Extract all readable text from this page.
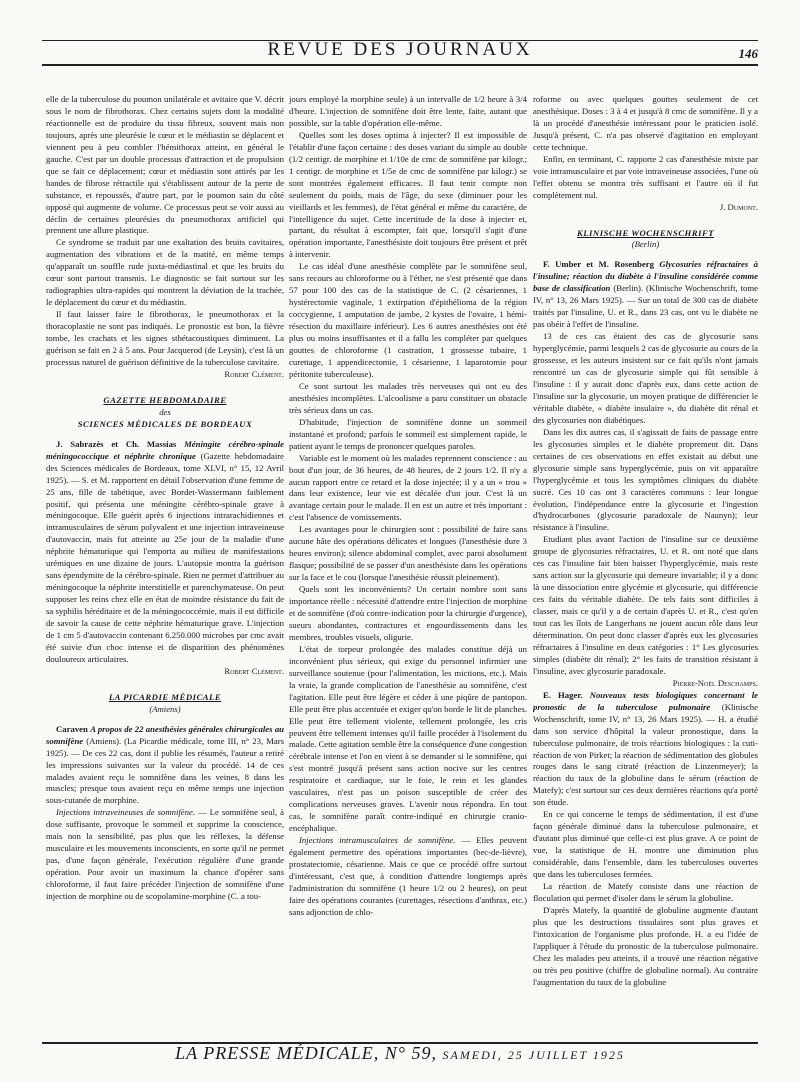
REVUE DES JOURNAUX	146

elle de la tuberculose du poumon unilatérale et avitaire que V. décrit sous le nom de fibrothorax. Chez certains sujets dont la modalité réactionnelle est de produire du tissu fibreux, souvent mais non toujours, après une pleurésie le cœur et le médiastin se déplacent et viennent peu à peu combler l'hémithorax atteint, en général le gauche. C'est par un double processus d'attraction et de propulsion que se fait ce déplacement; cœur et médiastin sont attirés par les bandes de fibrose rétractile qui s'établissent autour de la perte de substance, et repoussés, d'autre part, par le poumon sain du côté opposé qui augmente de volume. Ce processus peut se voir aussi au déclin de certaines pleurésies du pneumothorax artificiel qui prennent une allure plastique.

Ce syndrome se traduit par une exaltation des bruits cavitaires, augmentation des vibrations et de la matité, en même temps qu'apparaît un souffle rude juxta-médiastinal et que les bruits du cœur sont partout transmis. Le diagnostic se fait surtout sur les radiographies ultra-rapides qui montrent la déviation de la trachée, le déplacement du cœur et du médiastin.

Il faut laisser faire le fibrothorax, le pneumothorax et la thoracoplastie ne sont pas indiqués. Le pronostic est bon, la fièvre tombe, les crachats et les signes sthétacoustiques diminuent. La guérison se fait en 2 à 5 ans. Pour Jacquerod (de Leysin), c'est là un processus naturel de guérison définitive de la tuberculose cavitaire.

Robert Clément.

GAZETTE HEBDOMADAIRE
des
SCIENCES MÉDICALES DE BORDEAUX

J. Sabrazès et Ch. Massias Méningite cérébro-spinale méningococcique et néphrite chronique (Gazette hebdomadaire des Sciences médicales de Bordeaux, tome XLVI, n° 15, 12 Avril 1925). — S. et M. rapportent en détail l'observation d'une femme de 25 ans, fille de tabétique, avec Bordet-Wassermann faiblement positif, qui présenta une méningite cérébro-spinale grave à méningocoque. Elle guérit après 6 injections intrarachidiennes et intramusculaires de sérum polyvalent et une injection intraveineuse d'autovaccin, mais fut atteinte au 25e jour de la maladie d'une néphrite hématurique qui l'emporta au milieu de manifestations urémiques en une dizaine de jours. L'autopsie montra la guérison sans épendymite de la cérébro-spinale. Rien ne permet d'attribuer au méningocoque la néphrite interstitielle et parenchymateuse. On peut supposer les reins chez elle en état de moindre résistance du fait de sa syphilis héréditaire et de la méningococcémie, mais il est difficile de savoir la cause de cette néphrite hématurique grave. L'injection de 1 cm 5 d'autovaccin contenant 6.250.000 microbes par cmc avait été suivie d'un choc intense et de disparition des phénomènes douloureux articulaires.

Robert Clément.

LA PICARDIE MÉDICALE
(Amiens)

Caraven A propos de 22 anesthésies générales chirurgicales au somnifène (Amiens). (La Picardie médicale, tome III, n° 23, Mars 1925). — De ces 22 cas, dont il publie les résumés, l'auteur a retiré les impressions suivantes sur la valeur du procédé. 14 de ces malades avaient reçu le somnifène dans les veines, 8 dans les muscles; presque tous avaient reçu en même temps une injection sous-cutanée de morphine.

Injections intraveineuses de somnifène. — Le somnifène seul, à dose suffisante, provoque le sommeil et supprime la conscience, mais non la sensibilité, pas plus que les réflexes, la défense musculaire et les mouvements inconscients, en sorte qu'il ne permet pas, d'une façon générale, l'exécution régulière d'une grande opération. Pour avoir un maximum la chance d'opérer sans chloroforme, il faut faire précéder l'injection de somnifène d'une injection de morphine ou de scopolamine-morphine (C. a tou-

jours employé la morphine seule) à un intervalle de 1/2 heure à 3/4 d'heure. L'injection de somnifène doit être lente, faite, autant que possible, sur la table d'opération elle-même.

Quelles sont les doses optima à injecter? Il est impossible de l'établir d'une façon certaine : des doses variant du simple au double (1/2 centigr. de morphine et 1/10e de cmc de somnifène par kilogr.; 1 centigr. de morphine et 1/5e de cmc de somnifène par kilogr.) se sont montrées également efficaces. Il faut tenir compte non seulement du poids, mais de l'âge, du sexe (diminuer pour les vieillards et les femmes), de l'état général et même du caractère, de l'intelligence du sujet. Cette incertitude de la dose à injecter et, partant, du résultat à escompter, fait que, lorsqu'il s'agit d'une opération importante, l'anesthésiste doit toujours être présent et prêt à intervenir.

Le cas idéal d'une anesthésie complète par le somnifène seul, sans recours au chloroforme ou à l'éther, ne s'est présenté que dans 57 pour 100 des cas de la statistique de C. (2 césariennes, 1 hystérectomie vaginale, 1 extirpation d'épithélioma de la région coccygienne, 1 amputation de jambe, 2 kystes de l'ovaire, 1 hémi-résection du maxillaire inférieur). Les 6 autres anesthésies ont été plus ou moins insuffisantes et il a fallu les compléter par quelques gouttes de chloroforme (1 castration, 1 grossesse tubaire, 1 curettage, 1 appendicectomie, 1 césarienne, 1 laparotomie pour péritonite tuberculeuse).

Ce sont surtout les malades très nerveuses qui ont eu des anesthésies incomplètes. L'alcoolisme a paru constituer un obstacle très sérieux dans un cas.

D'habitude, l'injection de somnifène donne un sommeil instantané et profond; parfois le sommeil est simplement rapide, le patient ayant le temps de prononcer quelques paroles.

Variable est le moment où les malades reprennent conscience : au bout d'un jour, de 36 heures, de 48 heures, de 2 jours 1/2. Il n'y a aucun rapport entre ce retard et la dose injectée; il y a un « trou » dans leur existence, leur vie est décalée d'un jour. C'est là un avantage certain pour le malade. Il en est un autre et très important : c'est l'absence de vomissements.

Les avantages pour le chirurgien sont : possibilité de faire sans aucune hâte des opérations délicates et longues (l'anesthésie dure 3 heures environ); silence abdominal complet, avec paroi absolument flasque; possibilité de se passer d'un anesthésiste dans les opérations sur la face et le cou (lorsque l'anesthésie réussit pleinement).

Quels sont les inconvénients? Un certain nombre sont sans importance réelle : nécessité d'attendre entre l'injection de morphine et de somnifène (d'où contre-indication pour la chirurgie d'urgence), sueurs abondantes, contractures et engourdissements dans les membres, troubles visuels, oligurie.

L'état de torpeur prolongée des malades constitue déjà un inconvénient plus sérieux, qui exige du personnel infirmier une surveillance soutenue (pour l'alimentation, les mictions, etc.). Mais la vraie, la grande complication de l'anesthésie au somnifène, c'est l'agitation. Elle peut être légère et céder à une piqûre de pantopon. Elle peut être plus accentuée et exiger qu'on borde le lit de planches. Elle peut être tellement violente, tellement prolongée, les cris peuvent être tellement intenses qu'il faille procéder à l'isolement du malade. Cette agitation semble être la conséquence d'une congestion cérébrale intense et l'on en vient à se demander si le somnifène, qui s'est montré jusqu'à présent sans action nocive sur les centres respiratoire et cardiaque, sur le foie, le rein et les glandes vasculaires, n'est pas un poison susceptible de créer des complications nerveuses graves. L'avenir nous répondra. En tout cas, le somnifène paraît contre-indiqué en chirurgie cranio-encéphalique.

Injections intramusculaires de somnifène. — Elles peuvent également permettre des opérations importantes (bec-de-lièvre), prostatectomie, césarienne. Mais ce que ce procédé offre surtout d'intéressant, c'est que, à condition d'attendre longtemps après l'administration du somnifène (1 heure 1/2 ou 2 heures), on peut faire des opérations courantes (curettages, résections d'anthrax, etc.) sans adjonction de chlo-

roforme ou avec quelques gouttes seulement de cet anesthésique. Doses : 3 à 4 et jusqu'à 8 cmc de somnifène. Il y a là un procédé d'anesthésie intéressant pour le praticien isolé. Jusqu'à présent, C. n'a pas observé d'agitation en employant cette technique.

Enfin, en terminant, C. rapporte 2 cas d'anesthésie mixte par voie intramusculaire et par voie intraveineuse associées, l'une où l'effet obtenu se montra très suffisant et l'autre où il fut complètement nul.

J. Dumont.

KLINISCHE WOCHENSCHRIFT
(Berlin)

F. Umber et M. Rosenberg Glycosuries réfractaires à l'insuline; réaction du diabète à l'insuline considérée comme base de classification (Berlin). (Klinische Wochenschrift, tome IV, n° 13, 26 Mars 1925). — Sur un total de 300 cas de diabète traités par l'insuline, U. et R., dans 23 cas, ont vu le diabète ne pas obéir à l'effet de l'insuline.

13 de ces cas étaient des cas de glycosurie sans hyperglycémie, parmi lesquels 2 cas de glycosurie au cours de la grossesse, et les auteurs insistent sur ce fait qu'ils n'ont jamais rencontré un cas de glycosurie simple qui fût sensible à l'insuline : il y aurait donc d'après eux, dans cette action de l'insuline sur la glycosurie, un moyen pratique de différencier le véritable diabète, « diabète insulaire », du diabète dit rénal et des glycosuries non diabétiques.

Dans les dix autres cas, il s'agissait de faits de passage entre les glycosuries simples et le diabète proprement dit. Dans certaines de ces observations en effet existait au début une glycosurie simple sans hyperglycémie, puis on vit apparaître l'hyperglycémie et tous les symptômes cliniques du diabète sucré. Ces 10 cas ont 3 caractères communs : leur longue évolution, l'indépendance entre la glycosurie et l'ingestion d'hydrocarbones (glycosurie paradoxale de Naunyn); leur résistance à l'insuline.

Etudiant plus avant l'action de l'insuline sur ce deuxième groupe de glycosuries réfractaires, U. et R. ont noté que dans ces cas l'insuline fait bien baisser l'hyperglycémie, mais reste sans action sur la glycosurie qui demeure invariable; il y a donc là une dissociation entre glycémie et glycosurie, qui différencie ces faits du véritable diabète. De tels faits sont difficiles à classer, mais ce qu'il y a de certain d'après U. et R., c'est qu'en tout cas les îlots de Langerhans ne jouent aucun rôle dans leur détermination. On peut donc classer d'après eux les glycosuries réfractaires à l'insuline en deux catégories : 1° Les glycosuries simples (diabète dit rénal); 2° les faits de transition résistant à l'insuline, avec glycosurie paradoxale.

Pierre-Noël Deschamps.

E. Hager. Nouveaux tests biologiques concernant le pronostic de la tuberculose pulmonaire (Klinische Wochenschrift, tome IV, n° 13, 26 Mars 1925). — H. a étudié dans son service d'hôpital la valeur pronostique, dans la tuberculose pulmonaire, de trois réactions biologiques : la cuti-réaction de von Pirket; la réaction de sédimentation des globules rouges dans le sang citraté (réaction de Linzenmeyer); la réaction du taux de la globuline dans le sérum (réaction de Matefy); c'est surtout sur ces deux dernières réactions qu'a porté son étude.

En ce qui concerne le temps de sédimentation, il est d'une façon générale diminué dans la tuberculose pulmonaire, et d'autant plus diminué que celle-ci est plus grave. A ce point de vue, la statistique de H. montre une diminution plus considérable, dans l'ensemble, dans les tuberculoses ouvertes que dans les tuberculoses fermées.

La réaction de Matefy consiste dans une réaction de floculation qui permet d'isoler dans le sérum la globuline.

D'après Matefy, la quantité de globuline augmente d'autant plus que les destructions tissulaires sont plus graves et l'intoxication de l'organisme plus profonde. H. a eu l'idée de l'appliquer à l'étude du pronostic de la tuberculose pulmonaire. Chez les malades peu atteints, il a trouvé une réaction négative ou très peu positive (chiffre de globuline normal). Au contraire l'augmentation du taux de la globuline

LA PRESSE MÉDICALE, N° 59, SAMEDI, 25 JUILLET 1925
